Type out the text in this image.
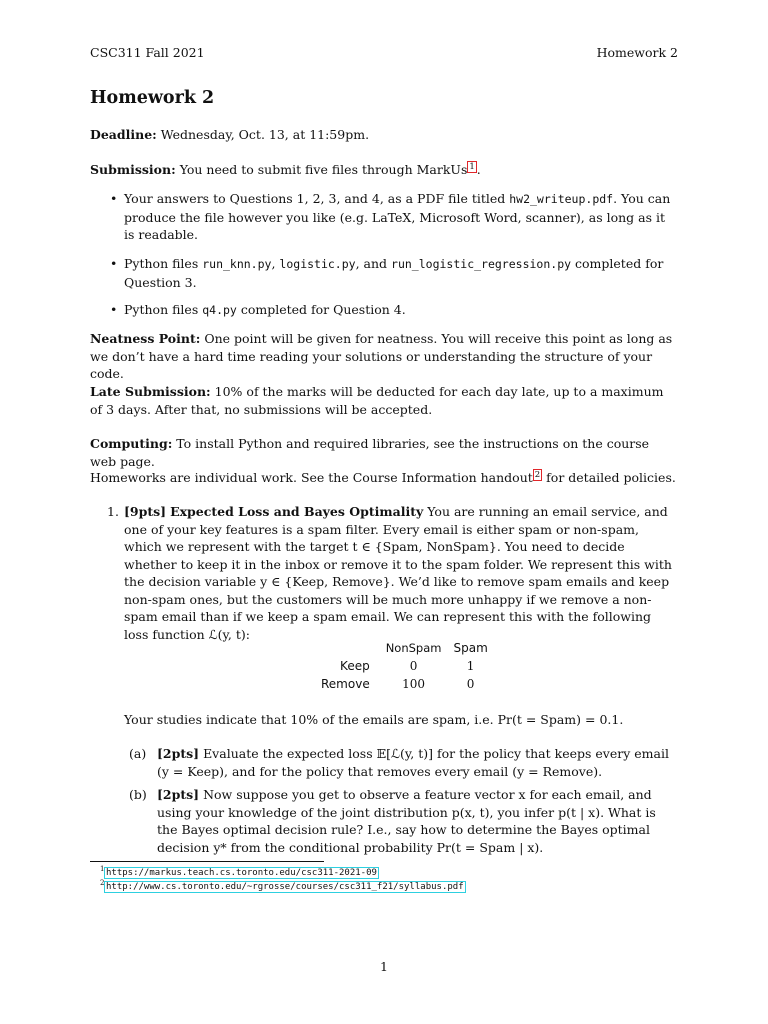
CSC311 Fall 2021	Homework 2
Homework 2
Deadline: Wednesday, Oct. 13, at 11:59pm.
Submission: You need to submit five files through MarkUs $^1$ .
• Your answers to Questions 1, 2, 3, and 4, as a PDF file titled hw2_writeup.pdf. You can produce the file however you like (e.g. LaTeX, Microsoft Word, scanner), as long as it is readable.
• Python files run_knn.py, logistic.py, and run_logistic_regression.py completed for Question 3.
• Python files q4.py completed for Question 4.
Neatness Point: One point will be given for neatness. You will receive this point as long as we don’t have a hard time reading your solutions or understanding the structure of your code.
Late Submission: 10% of the marks will be deducted for each day late, up to a maximum of 3 days. After that, no submissions will be accepted.
Computing: To install Python and required libraries, see the instructions on the course web page.
Homeworks are individual work. See the Course Information handout $^2$ for detailed policies.
1. [9pts] Expected Loss and Bayes Optimality You are running an email service, and one of your key features is a spam filter. Every email is either spam or non-spam, which we represent with the target t ∈ {Spam, NonSpam}. You need to decide whether to keep it in the inbox or remove it to the spam folder. We represent this with the decision variable y ∈ {Keep, Remove}. We’d like to remove spam emails and keep non-spam ones, but the customers will be much more unhappy if we remove a non-spam email than if we keep a spam email. We can represent this with the following loss function ℒ(y, t):
	NonSpam	Spam
Keep	0	1
Remove	100	0
Your studies indicate that 10% of the emails are spam, i.e. Pr(t = Spam) = 0.1.
(a) [2pts] Evaluate the expected loss 𝔼[ℒ(y, t)] for the policy that keeps every email (y = Keep), and for the policy that removes every email (y = Remove).
(b) [2pts] Now suppose you get to observe a feature vector x for each email, and using your knowledge of the joint distribution p(x, t), you infer p(t | x). What is the Bayes optimal decision rule? I.e., say how to determine the Bayes optimal decision y* from the conditional probability Pr(t = Spam | x).
1 https://markus.teach.cs.toronto.edu/csc311-2021-09
2 http://www.cs.toronto.edu/~rgrosse/courses/csc311_f21/syllabus.pdf
1
